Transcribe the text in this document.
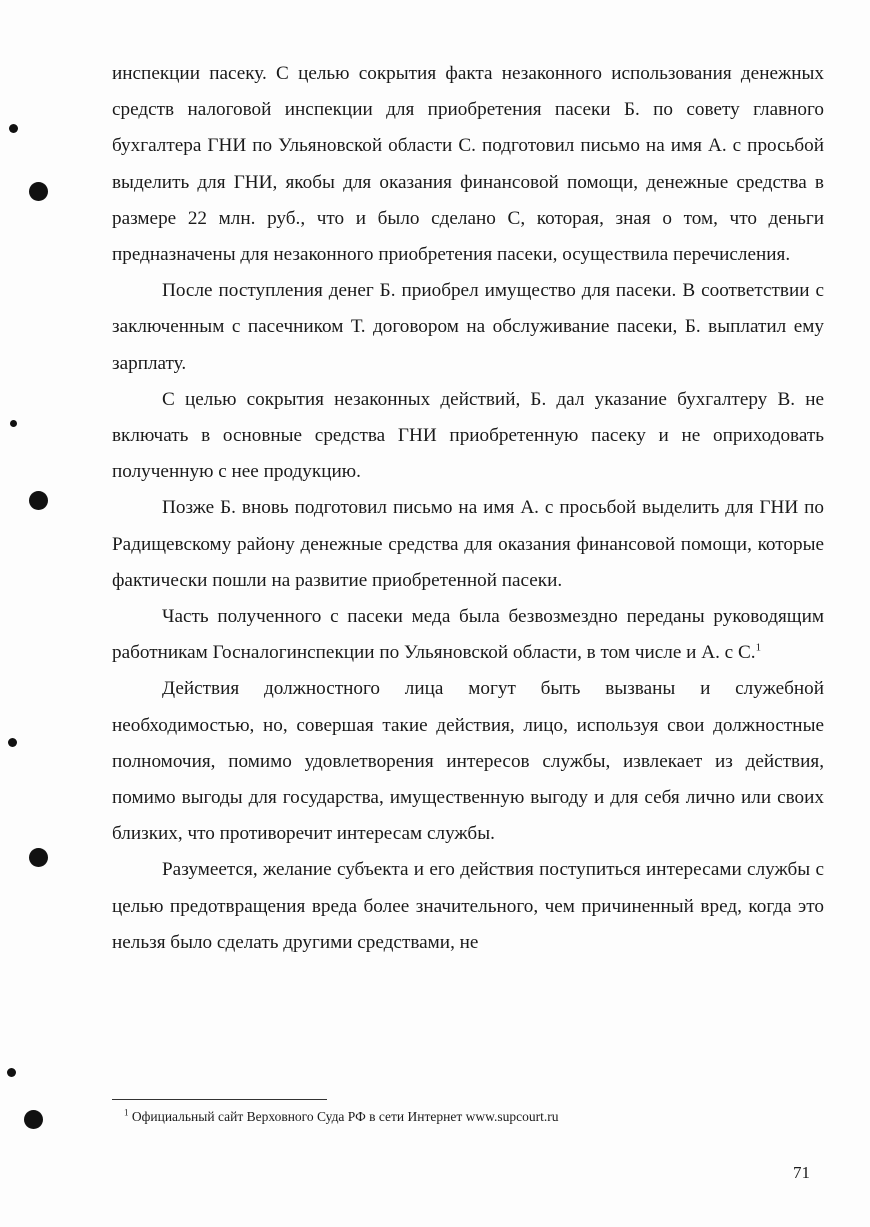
инспекции пасеку. С целью сокрытия факта незаконного использования денежных средств налоговой инспекции для приобретения пасеки Б. по совету главного бухгалтера ГНИ по Ульяновской области С. подготовил письмо на имя А. с просьбой выделить для ГНИ, якобы для оказания финансовой помощи, денежные средства в размере 22 млн. руб., что и было сделано С, которая, зная о том, что деньги предназначены для незаконного приобретения пасеки, осуществила перечисления.

После поступления денег Б. приобрел имущество для пасеки. В соответствии с заключенным с пасечником Т. договором на обслуживание пасеки, Б. выплатил ему зарплату.

С целью сокрытия незаконных действий, Б. дал указание бухгалтеру В. не включать в основные средства ГНИ приобретенную пасеку и не оприходовать полученную с нее продукцию.

Позже Б. вновь подготовил письмо на имя А. с просьбой выделить для ГНИ по Радищевскому району денежные средства для оказания финансовой помощи, которые фактически пошли на развитие приобретенной пасеки.

Часть полученного с пасеки меда была безвозмездно переданы руководящим работникам Госналогинспекции по Ульяновской области, в том числе и А. с С.$^1$

Действия должностного лица могут быть вызваны и служебной необходимостью, но, совершая такие действия, лицо, используя свои должностные полномочия, помимо удовлетворения интересов службы, извлекает из действия, помимо выгоды для государства, имущественную выгоду и для себя лично или своих близких, что противоречит интересам службы.

Разумеется, желание субъекта и его действия поступиться интересами службы с целью предотвращения вреда более значительного, чем причиненный вред, когда это нельзя было сделать другими средствами, не

$^1$ Официальный сайт Верховного Суда РФ в сети Интернет www.supcourt.ru
71
